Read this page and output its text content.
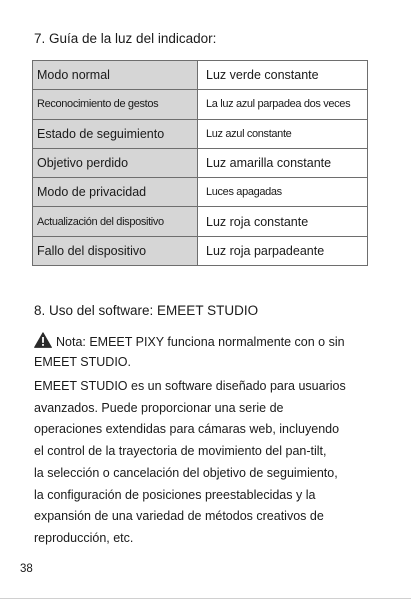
7. Guía de la luz del indicador:
Modo normal	Luz verde constante
Reconocimiento de gestos	La luz azul parpadea dos veces
Estado de seguimiento	Luz azul constante
Objetivo perdido	Luz amarilla constante
Modo de privacidad	Luces apagadas
Actualización del dispositivo	Luz roja constante
Fallo del dispositivo	Luz roja parpadeante
8. Uso del software: EMEET STUDIO

Nota: EMEET PIXY funciona normalmente con o sin EMEET STUDIO.

EMEET STUDIO es un software diseñado para usuarios
avanzados. Puede proporcionar una serie de
operaciones extendidas para cámaras web, incluyendo
el control de la trayectoria de movimiento del pan-tilt,
la selección o cancelación del objetivo de seguimiento,
la configuración de posiciones preestablecidas y la
expansión de una variedad de métodos creativos de
reproducción, etc.

38
